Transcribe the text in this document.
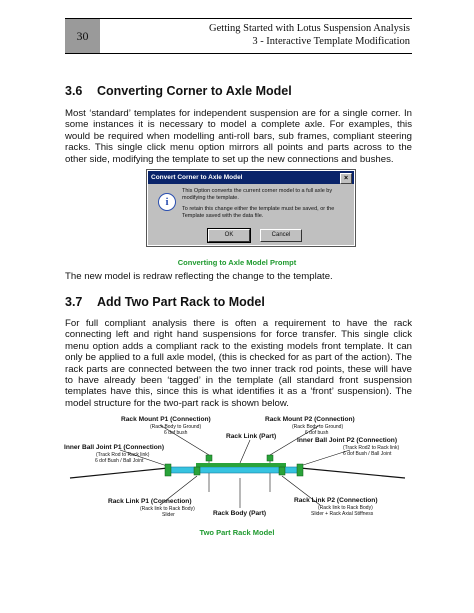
30	Getting Started with Lotus Suspension Analysis
3 - Interactive Template Modification
3.6 Converting Corner to Axle Model

Most ‘standard’ templates for independent suspension are for a single corner. In some instances it is necessary to model a complete axle. For examples, this would be required when modelling anti-roll bars, sub frames, compliant steering racks. This single click menu option mirrors all points and parts across to the other side, modifying the template to set up the new connections and bushes.

Convert Corner to Axle Model	×
i
This Option converts the current corner model to a full axle by modifying the template.
To retain this change either the template must be saved, or the Template saved with the data file.
OK	Cancel
Converting to Axle Model Prompt

The new model is redraw reflecting the change to the template.

3.7 Add Two Part Rack to Model

For full compliant analysis there is often a requirement to have the rack connecting left and right hand suspensions for force transfer. This single click menu option adds a compliant rack to the existing models front template. It can only be applied to a full axle model, (this is checked for as part of the action). The rack parts are connected between the two inner track rod points, these will have to have already been ‘tagged’ in the template (all standard front suspension templates have this, since this is what identifies it as a ‘front’ suspension). The model structure for the two-part rack is shown below.

Rack Mount P1 (Connection)
(Rack Body to Ground)
6 dof bush
Rack Mount P2 (Connection)
(Rack Body to Ground)
6 dof bush
Rack Link (Part)
Inner Ball Joint P1 (Connection)
(Track Rod to Rack link)
6 dof Bush / Ball Joint
Inner Ball Joint P2 (Connection)
(Track Rod2 to Rack link)
6 dof Bush / Ball Joint
Rack Link P1 (Connection)
(Rack link to Rack Body)
Slider
Rack Link P2 (Connection)
(Rack link to Rack Body)
Slider + Rack Axial Stiffness
Rack Body (Part)
Two Part Rack Model
